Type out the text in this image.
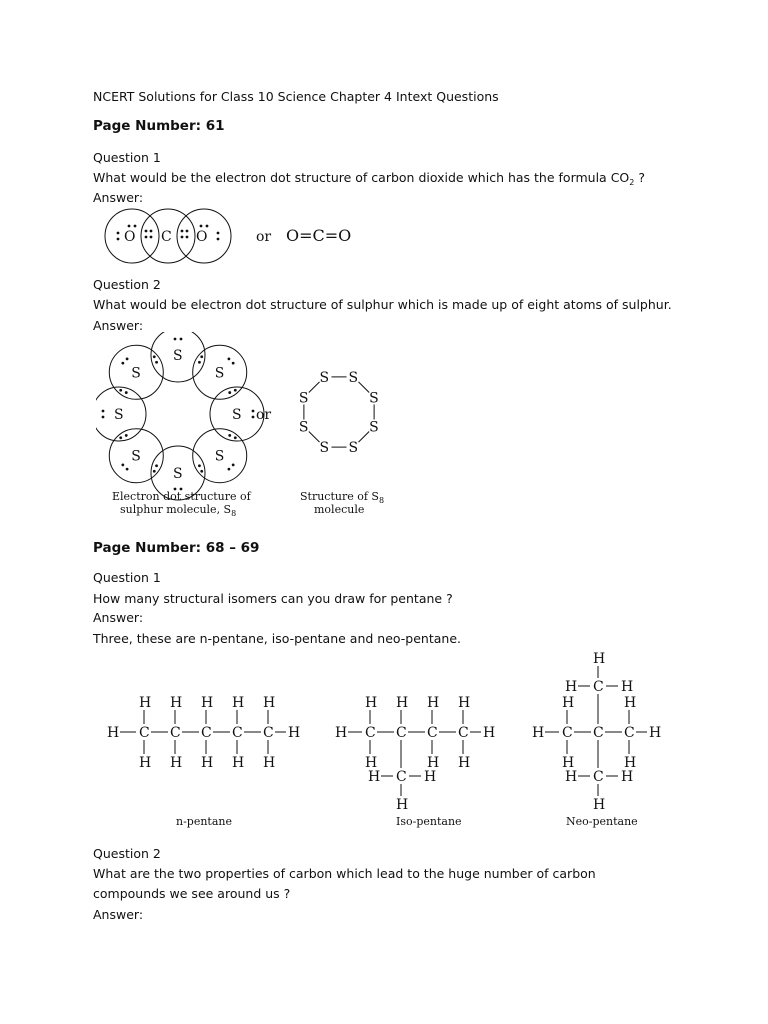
NCERT Solutions for Class 10 Science Chapter 4 Intext Questions
Page Number: 61
Question 1
What would be the electron dot structure of carbon dioxide which has the formula $CO_2$ ?
Answer:
O C O	or O=C=O
Question 2
What would be electron dot structure of sulphur which is made up of eight atoms of sulphur.
Answer:
S
S
S
S
S
S
S
S
or
S S
S
S
S
S
S
S
Electron dot structure of
sulphur molecule, $S_8$
Structure of $S_8$
molecule
Page Number: 68 – 69
Question 1
How many structural isomers can you draw for pentane ?
Answer:
Three, these are n-pentane, iso-pentane and neo-pentane.
H C
H
H
C
H
H
C
H
H
C
H
H
C
H
H
H H C
H
H
C
H
C
H
H
C
H
H
H
C
H	H
H
H C
H
H
C C
H
H
H
C
H	H
H
C
H	H
H
n-pentane	Iso-pentane	Neo-pentane
Question 2
What are the two properties of carbon which lead to the huge number of carbon
compounds we see around us ?
Answer:
